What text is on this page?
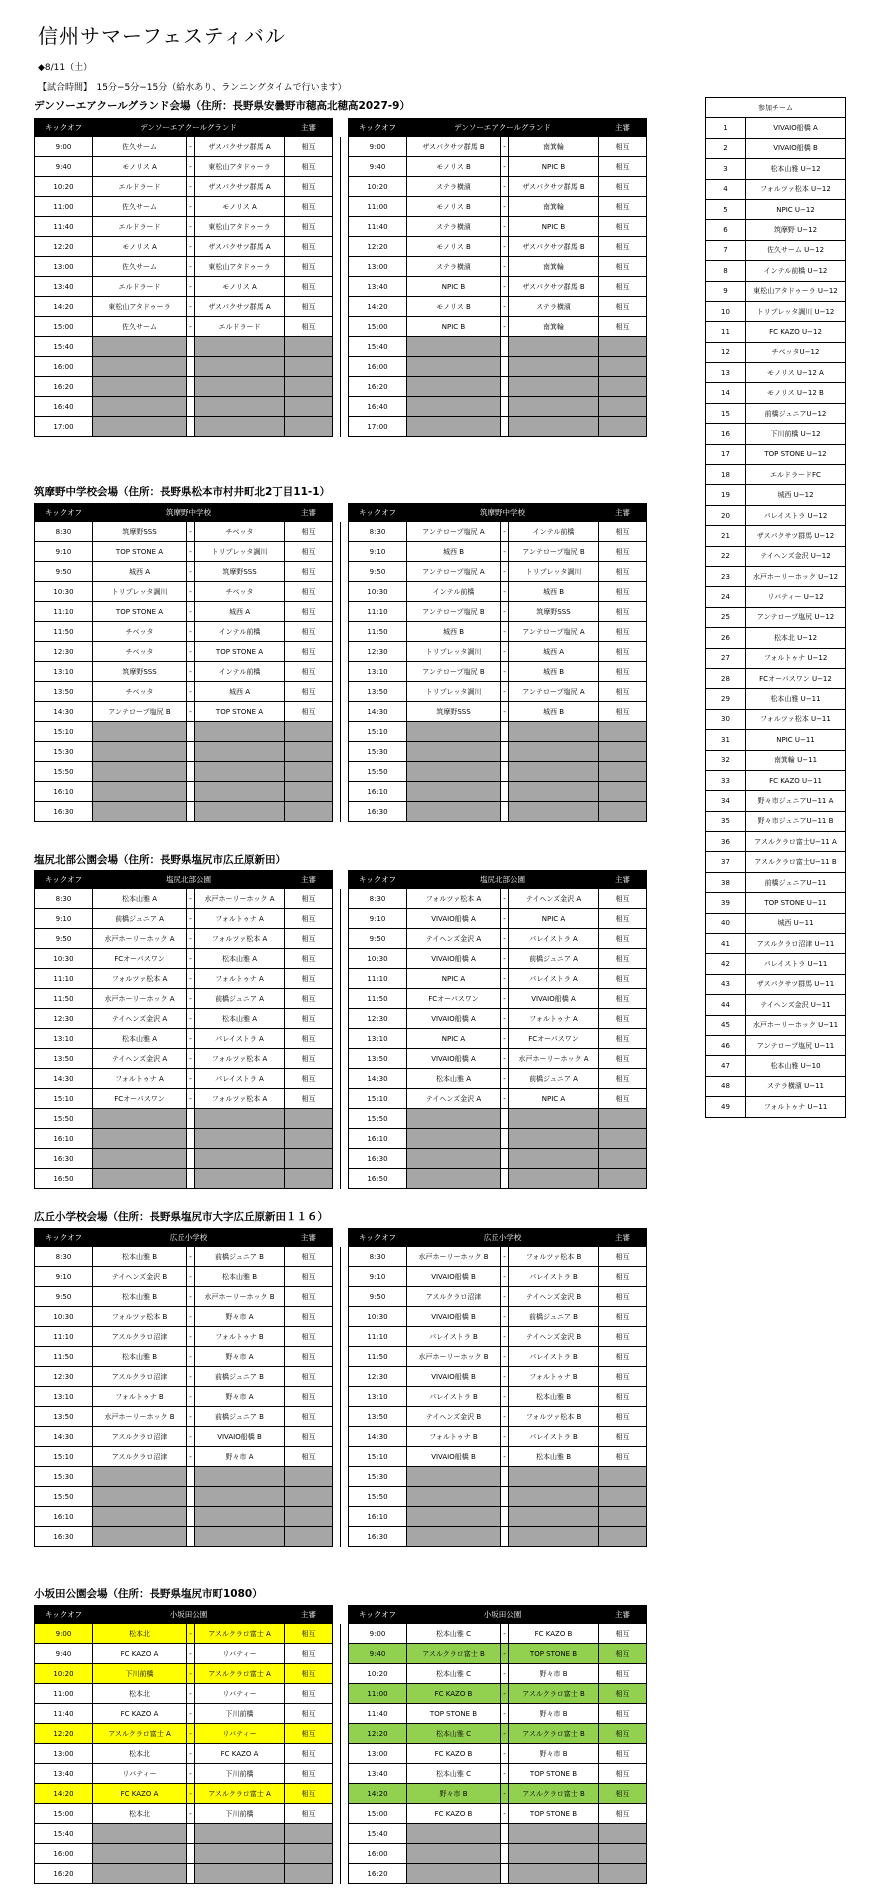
信州サマーフェスティバル
◆8/11（土）
【試合時間】　15分−5分−15分（給水あり、ランニングタイムで行います）
デンソーエアクールグランド会場（住所：長野県安曇野市穂高北穂高2027-9）
キックオフ	デンソーエアクールグランド			主審			キックオフ	デンソーエアクールグランド			主審
9:00	佐久サーム	-	ザスパクサツ群馬 A	相互			9:00	ザスパクサツ群馬 B	-	南箕輪	相互
9:40	モノリス A	-	東松山アタドゥーラ	相互			9:40	モノリス B	-	NPIC B	相互
10:20	エルドラード	-	ザスパクサツ群馬 A	相互			10:20	ステラ横濱	-	ザスパクサツ群馬 B	相互
11:00	佐久サーム	-	モノリス A	相互			11:00	モノリス B	-	南箕輪	相互
11:40	エルドラード	-	東松山アタドゥーラ	相互			11:40	ステラ横濱	-	NPIC B	相互
12:20	モノリス A	-	ザスパクサツ群馬 A	相互			12:20	モノリス B	-	ザスパクサツ群馬 B	相互
13:00	佐久サーム	-	東松山アタドゥーラ	相互			13:00	ステラ横濱	-	南箕輪	相互
13:40	エルドラード	-	モノリス A	相互			13:40	NPIC B	-	ザスパクサツ群馬 B	相互
14:20	東松山アタドゥーラ	-	ザスパクサツ群馬 A	相互			14:20	モノリス B	-	ステラ横濱	相互
15:00	佐久サーム	-	エルドラード	相互			15:00	NPIC B	-	南箕輪	相互
15:40							15:40				
16:00							16:00				
16:20							16:20				
16:40							16:40				
17:00							17:00				
筑摩野中学校会場（住所：長野県松本市村井町北2丁目11-1）
キックオフ	筑摩野中学校			主審			キックオフ	筑摩野中学校			主審
8:30	筑摩野SSS	-	チベッタ	相互			8:30	アンテロープ塩尻 A	-	インテル前橋	相互
9:10	TOP STONE A	-	トリプレッタ調川	相互			9:10	城西 B	-	アンテロープ塩尻 B	相互
9:50	城西 A	-	筑摩野SSS	相互			9:50	アンテロープ塩尻 A	-	トリプレッタ調川	相互
10:30	トリプレッタ調川	-	チベッタ	相互			10:30	インテル前橋	-	城西 B	相互
11:10	TOP STONE A	-	城西 A	相互			11:10	アンテロープ塩尻 B	-	筑摩野SSS	相互
11:50	チベッタ	-	インテル前橋	相互			11:50	城西 B	-	アンテロープ塩尻 A	相互
12:30	チベッタ	-	TOP STONE A	相互			12:30	トリプレッタ調川	-	城西 A	相互
13:10	筑摩野SSS	-	インテル前橋	相互			13:10	アンテロープ塩尻 B	-	城西 B	相互
13:50	チベッタ	-	城西 A	相互			13:50	トリプレッタ調川	-	アンテロープ塩尻 A	相互
14:30	アンテロープ塩尻 B	-	TOP STONE A	相互			14:30	筑摩野SSS	-	城西 B	相互
15:10							15:10				
15:30							15:30				
15:50							15:50				
16:10							16:10				
16:30							16:30				
塩尻北部公園会場（住所：長野県塩尻市広丘原新田）
キックオフ	塩尻北部公園			主審			キックオフ	塩尻北部公園			主審
8:30	松本山雅 A	-	水戸ホーリーホック A	相互			8:30	フォルツァ松本 A	-	テイヘンズ金沢 A	相互
9:10	前橋ジュニア A	-	フォルトゥナ A	相互			9:10	VIVAIO船橋 A	-	NPIC A	相互
9:50	水戸ホーリーホック A	-	フォルツァ松本 A	相互			9:50	テイヘンズ金沢 A	-	パレイストラ A	相互
10:30	FCオーパスワン	-	松本山雅 A	相互			10:30	VIVAIO船橋 A	-	前橋ジュニア A	相互
11:10	フォルツァ松本 A	-	フォルトゥナ A	相互			11:10	NPIC A	-	パレイストラ A	相互
11:50	水戸ホーリーホック A	-	前橋ジュニア A	相互			11:50	FCオーパスワン	-	VIVAIO船橋 A	相互
12:30	テイヘンズ金沢 A	-	松本山雅 A	相互			12:30	VIVAIO船橋 A	-	フォルトゥナ A	相互
13:10	松本山雅 A	-	パレイストラ A	相互			13:10	NPIC A	-	FCオーパスワン	相互
13:50	テイヘンズ金沢 A	-	フォルツァ松本 A	相互			13:50	VIVAIO船橋 A	-	水戸ホーリーホック A	相互
14:30	フォルトゥナ A	-	パレイストラ A	相互			14:30	松本山雅 A	-	前橋ジュニア A	相互
15:10	FCオーパスワン	-	フォルツァ松本 A	相互			15:10	テイヘンズ金沢 A	-	NPIC A	相互
15:50							15:50				
16:10							16:10				
16:30							16:30				
16:50							16:50				
広丘小学校会場（住所：長野県塩尻市大字広丘原新田１１６）
キックオフ	広丘小学校			主審			キックオフ	広丘小学校			主審
8:30	松本山雅 B	-	前橋ジュニア B	相互			8:30	水戸ホーリーホック B	-	フォルツァ松本 B	相互
9:10	テイヘンズ金沢 B	-	松本山雅 B	相互			9:10	VIVAIO船橋 B	-	パレイストラ B	相互
9:50	松本山雅 B	-	水戸ホーリーホック B	相互			9:50	アスルクラロ沼津	-	テイヘンズ金沢 B	相互
10:30	フォルツァ松本 B	-	野々市 A	相互			10:30	VIVAIO船橋 B	-	前橋ジュニア B	相互
11:10	アスルクラロ沼津	-	フォルトゥナ B	相互			11:10	パレイストラ B	-	テイヘンズ金沢 B	相互
11:50	松本山雅 B	-	野々市 A	相互			11:50	水戸ホーリーホック B	-	パレイストラ B	相互
12:30	アスルクラロ沼津	-	前橋ジュニア B	相互			12:30	VIVAIO船橋 B	-	フォルトゥナ B	相互
13:10	フォルトゥナ B	-	野々市 A	相互			13:10	パレイストラ B	-	松本山雅 B	相互
13:50	水戸ホーリーホック B	-	前橋ジュニア B	相互			13:50	テイヘンズ金沢 B	-	フォルツァ松本 B	相互
14:30	アスルクラロ沼津	-	VIVAIO船橋 B	相互			14:30	フォルトゥナ B	-	パレイストラ B	相互
15:10	アスルクラロ沼津	-	野々市 A	相互			15:10	VIVAIO船橋 B	-	松本山雅 B	相互
15:30							15:30				
15:50							15:50				
16:10							16:10				
16:30							16:30				
小坂田公園会場（住所：長野県塩尻市町1080）
キックオフ	小坂田公園			主審			キックオフ	小坂田公園			主審
9:00	松本北	-	アスルクラロ富士 A	相互			9:00	松本山雅 C	-	FC KAZO B	相互
9:40	FC KAZO A	-	リバティー	相互			9:40	アスルクラロ富士 B	-	TOP STONE B	相互
10:20	下川前橋	-	アスルクラロ富士 A	相互			10:20	松本山雅 C	-	野々市 B	相互
11:00	松本北	-	リバティー	相互			11:00	FC KAZO B	-	アスルクラロ富士 B	相互
11:40	FC KAZO A	-	下川前橋	相互			11:40	TOP STONE B	-	野々市 B	相互
12:20	アスルクラロ富士 A	-	リバティー	相互			12:20	松本山雅 C	-	アスルクラロ富士 B	相互
13:00	松本北	-	FC KAZO A	相互			13:00	FC KAZO B	-	野々市 B	相互
13:40	リバティー	-	下川前橋	相互			13:40	松本山雅 C	-	TOP STONE B	相互
14:20	FC KAZO A	-	アスルクラロ富士 A	相互			14:20	野々市 B	-	アスルクラロ富士 B	相互
15:00	松本北	-	下川前橋	相互			15:00	FC KAZO B	-	TOP STONE B	相互
15:40							15:40				
16:00							16:00				
16:20							16:20				
参加チーム	
1	VIVAIO船橋 A
2	VIVAIO船橋 B
3	松本山雅 U−12
4	フォルツァ松本 U−12
5	NPIC U−12
6	筑摩野 U−12
7	佐久サーム U−12
8	インテル前橋 U−12
9	東松山アタドゥーラ U−12
10	トリプレッタ調川 U−12
11	FC KAZO U−12
12	チベッタU−12
13	モノリス U−12 A
14	モノリス U−12 B
15	前橋ジュニアU−12
16	下川前橋 U−12
17	TOP STONE U−12
18	エルドラードFC
19	城西 U−12
20	パレイストラ U−12
21	ザスパクサツ群馬 U−12
22	テイヘンズ金沢 U−12
23	水戸ホーリーホック U−12
24	リバティー U−12
25	アンテロープ塩尻 U−12
26	松本北 U−12
27	フォルトゥナ U−12
28	FCオーパスワン U−12
29	松本山雅 U−11
30	フォルツァ松本 U−11
31	NPIC U−11
32	南箕輪 U−11
33	FC KAZO U−11
34	野々市ジュニアU−11 A
35	野々市ジュニアU−11 B
36	アスルクラロ富士U−11 A
37	アスルクラロ富士U−11 B
38	前橋ジュニアU−11
39	TOP STONE U−11
40	城西 U−11
41	アスルクラロ沼津 U−11
42	パレイストラ U−11
43	ザスパクサツ群馬 U−11
44	テイヘンズ金沢 U−11
45	水戸ホーリーホック U−11
46	アンテロープ塩尻 U−11
47	松本山雅 U−10
48	ステラ横濱 U−11
49	フォルトゥナ U−11
